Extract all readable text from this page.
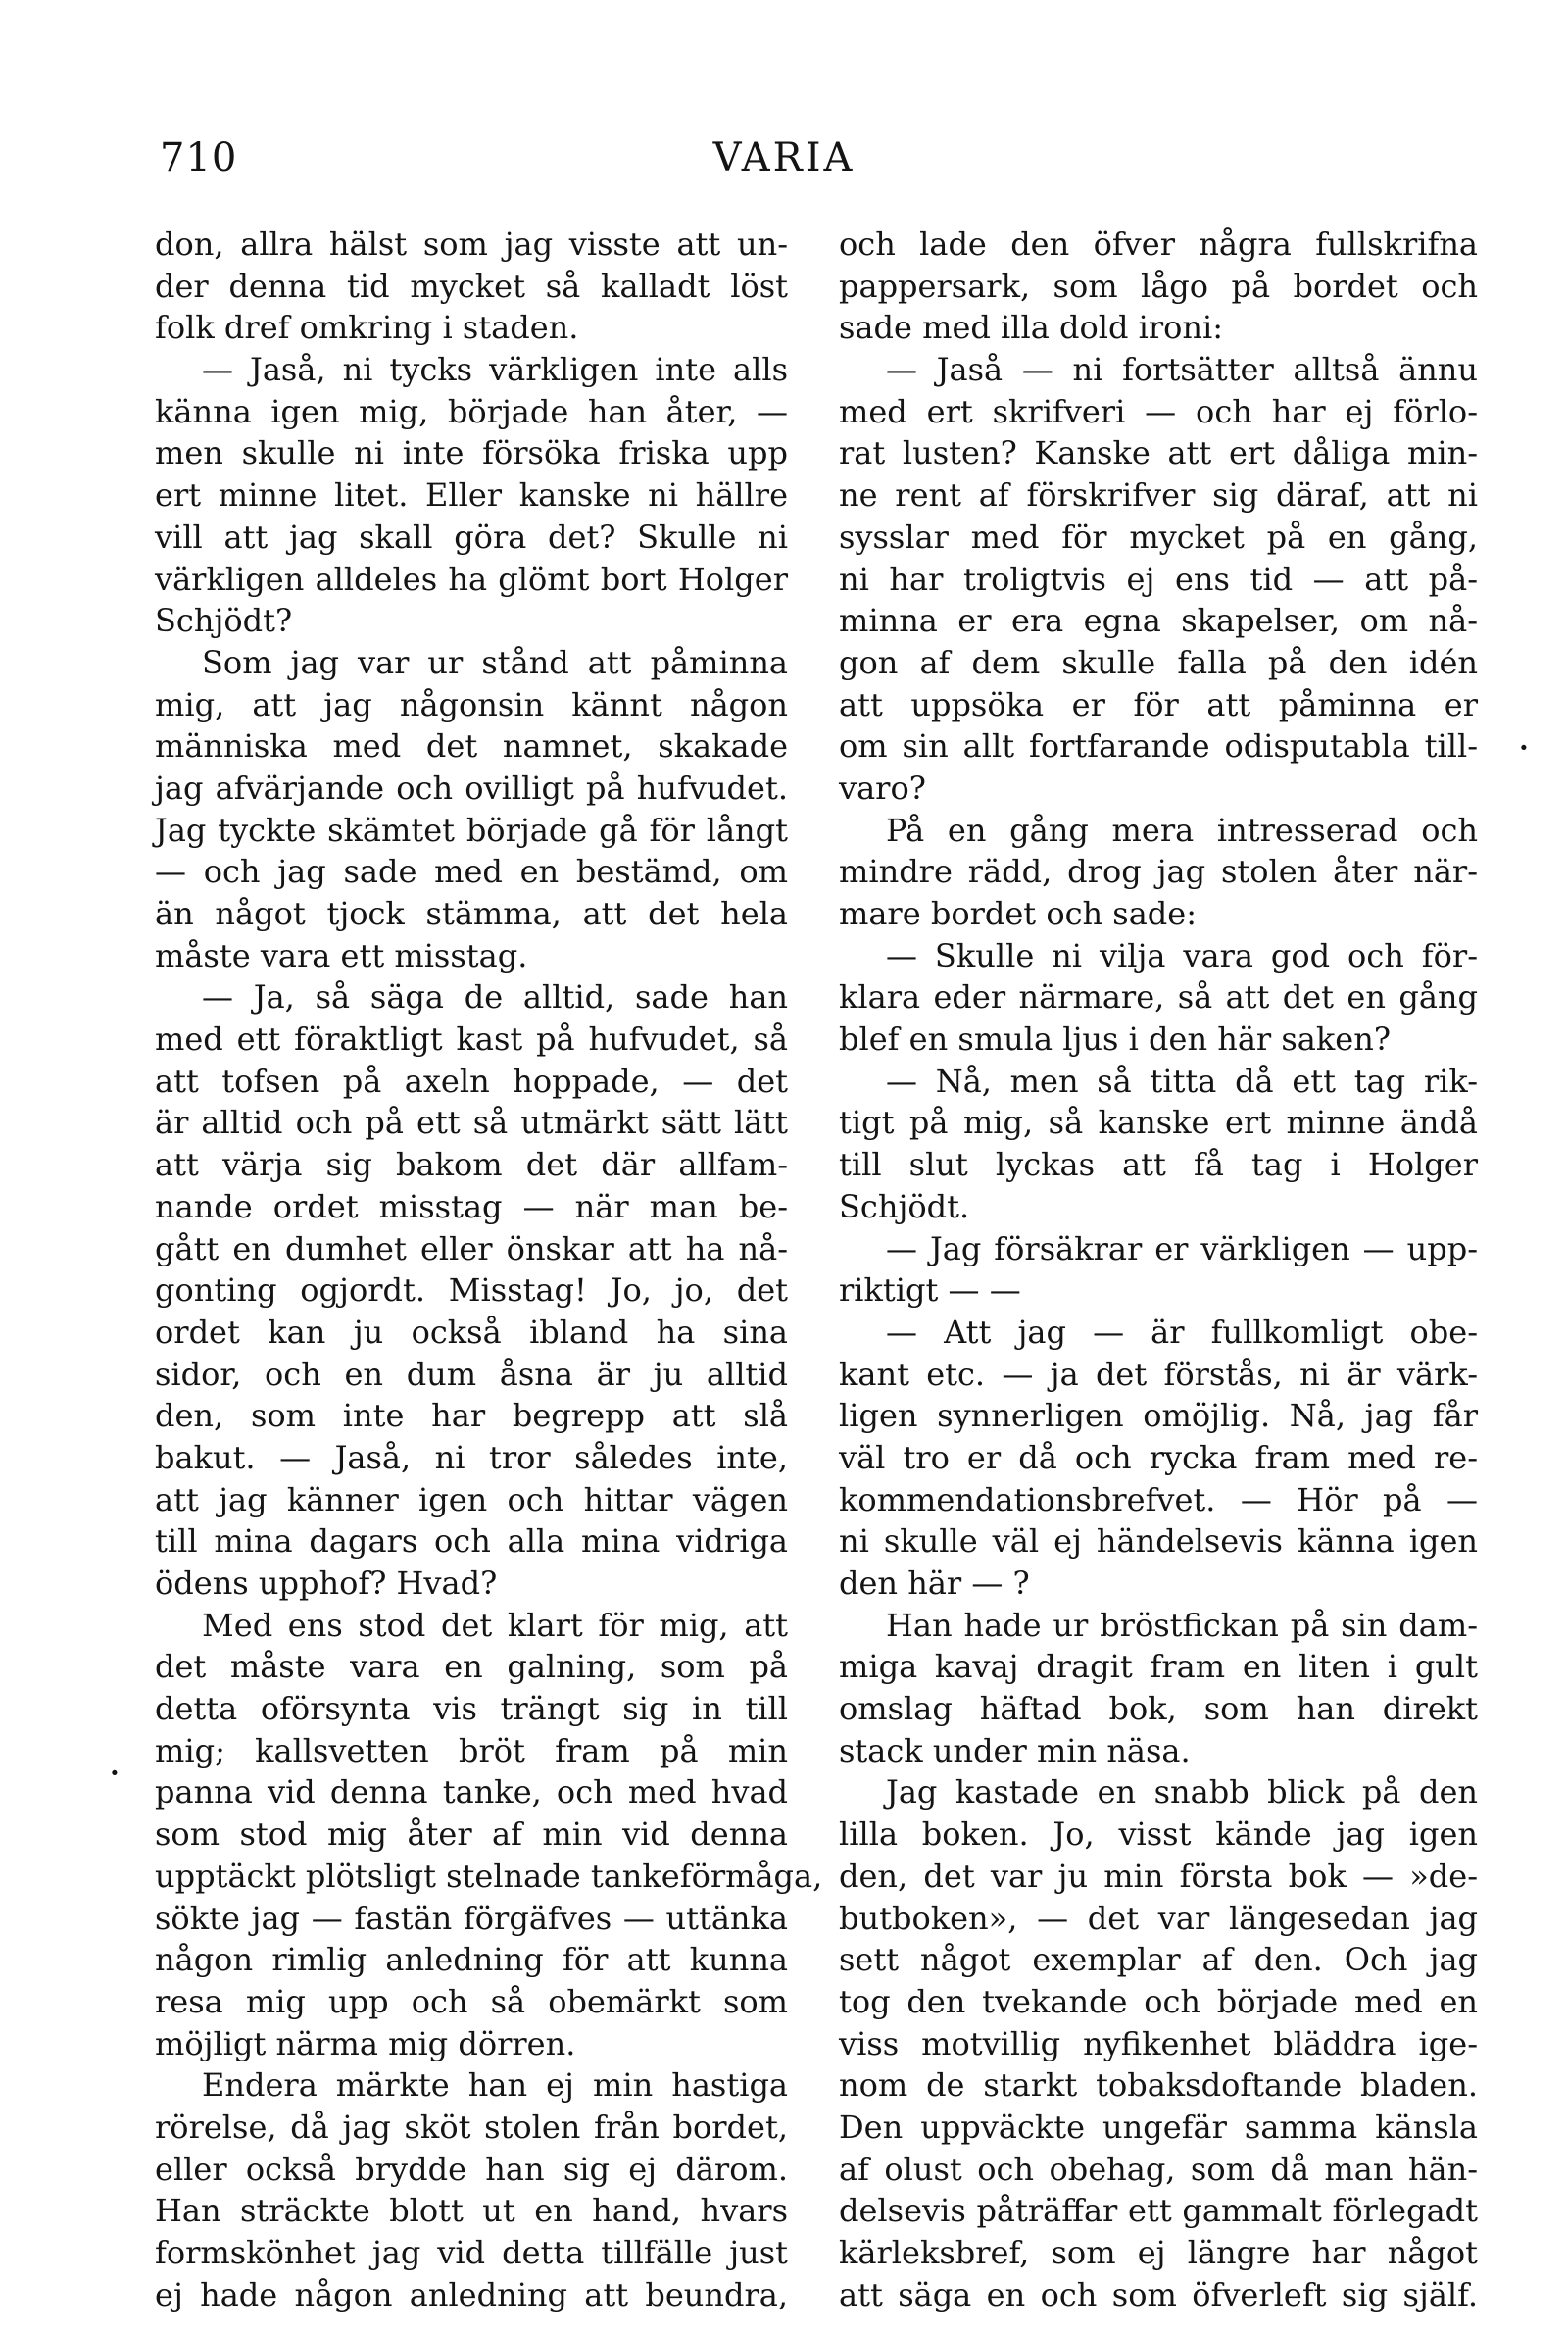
710	VARIA
don, allra hälst som jag visste att un-
der denna tid mycket så kalladt löst
folk dref omkring i staden.
— Jaså, ni tycks värkligen inte alls
känna igen mig, började han åter, —
men skulle ni inte försöka friska upp
ert minne litet. Eller kanske ni hällre
vill att jag skall göra det? Skulle ni
värkligen alldeles ha glömt bort Holger
Schjödt?
Som jag var ur stånd att påminna
mig, att jag någonsin kännt någon
människa med det namnet, skakade
jag afvärjande och ovilligt på hufvudet.
Jag tyckte skämtet började gå för långt
— och jag sade med en bestämd, om
än något tjock stämma, att det hela
måste vara ett misstag.
— Ja, så säga de alltid, sade han
med ett föraktligt kast på hufvudet, så
att tofsen på axeln hoppade, — det
är alltid och på ett så utmärkt sätt lätt
att värja sig bakom det där allfam-
nande ordet misstag — när man be-
gått en dumhet eller önskar att ha nå-
gonting ogjordt. Misstag! Jo, jo, det
ordet kan ju också ibland ha sina
sidor, och en dum åsna är ju alltid
den, som inte har begrepp att slå
bakut. — Jaså, ni tror således inte,
att jag känner igen och hittar vägen
till mina dagars och alla mina vidriga
ödens upphof? Hvad?
Med ens stod det klart för mig, att
det måste vara en galning, som på
detta oförsynta vis trängt sig in till
mig; kallsvetten bröt fram på min
panna vid denna tanke, och med hvad
som stod mig åter af min vid denna
upptäckt plötsligt stelnade tankeförmåga,
sökte jag — fastän förgäfves — uttänka
någon rimlig anledning för att kunna
resa mig upp och så obemärkt som
möjligt närma mig dörren.
Endera märkte han ej min hastiga
rörelse, då jag sköt stolen från bordet,
eller också brydde han sig ej därom.
Han sträckte blott ut en hand, hvars
formskönhet jag vid detta tillfälle just
ej hade någon anledning att beundra,
och lade den öfver några fullskrifna
pappersark, som lågo på bordet och
sade med illa dold ironi:
— Jaså — ni fortsätter alltså ännu
med ert skrifveri — och har ej förlo-
rat lusten? Kanske att ert dåliga min-
ne rent af förskrifver sig däraf, att ni
sysslar med för mycket på en gång,
ni har troligtvis ej ens tid — att på-
minna er era egna skapelser, om nå-
gon af dem skulle falla på den idén
att uppsöka er för att påminna er
om sin allt fortfarande odisputabla till-
varo?
På en gång mera intresserad och
mindre rädd, drog jag stolen åter när-
mare bordet och sade:
— Skulle ni vilja vara god och för-
klara eder närmare, så att det en gång
blef en smula ljus i den här saken?
— Nå, men så titta då ett tag rik-
tigt på mig, så kanske ert minne ändå
till slut lyckas att få tag i Holger
Schjödt.
— Jag försäkrar er värkligen — upp-
riktigt — —
— Att jag — är fullkomligt obe-
kant etc. — ja det förstås, ni är värk-
ligen synnerligen omöjlig. Nå, jag får
väl tro er då och rycka fram med re-
kommendationsbrefvet. — Hör på —
ni skulle väl ej händelsevis känna igen
den här — ?
Han hade ur bröstfickan på sin dam-
miga kavaj dragit fram en liten i gult
omslag häftad bok, som han direkt
stack under min näsa.
Jag kastade en snabb blick på den
lilla boken. Jo, visst kände jag igen
den, det var ju min första bok — »de-
butboken», — det var längesedan jag
sett något exemplar af den. Och jag
tog den tvekande och började med en
viss motvillig nyfikenhet bläddra ige-
nom de starkt tobaksdoftande bladen.
Den uppväckte ungefär samma känsla
af olust och obehag, som då man hän-
delsevis påträffar ett gammalt förlegadt
kärleksbref, som ej längre har något
att säga en och som öfverleft sig själf.
·
·
